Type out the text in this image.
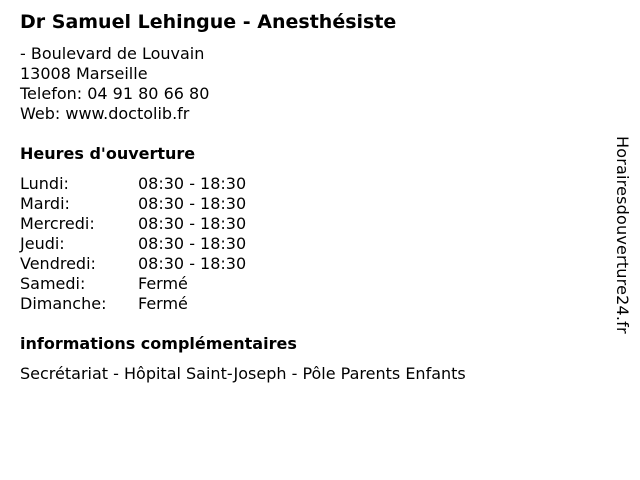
Dr Samuel Lehingue - Anesthésiste

- Boulevard de Louvain

13008 Marseille

Telefon: 04 91 80 66 80

Web: www.doctolib.fr

Heures d'ouverture
Lundi:	08:30 - 18:30
Mardi:	08:30 - 18:30
Mercredi:	08:30 - 18:30
Jeudi:	08:30 - 18:30
Vendredi:	08:30 - 18:30
Samedi:	Fermé
Dimanche:	Fermé
informations complémentaires

Secrétariat - Hôpital Saint-Joseph - Pôle Parents Enfants

Horairesdouverture24.fr
